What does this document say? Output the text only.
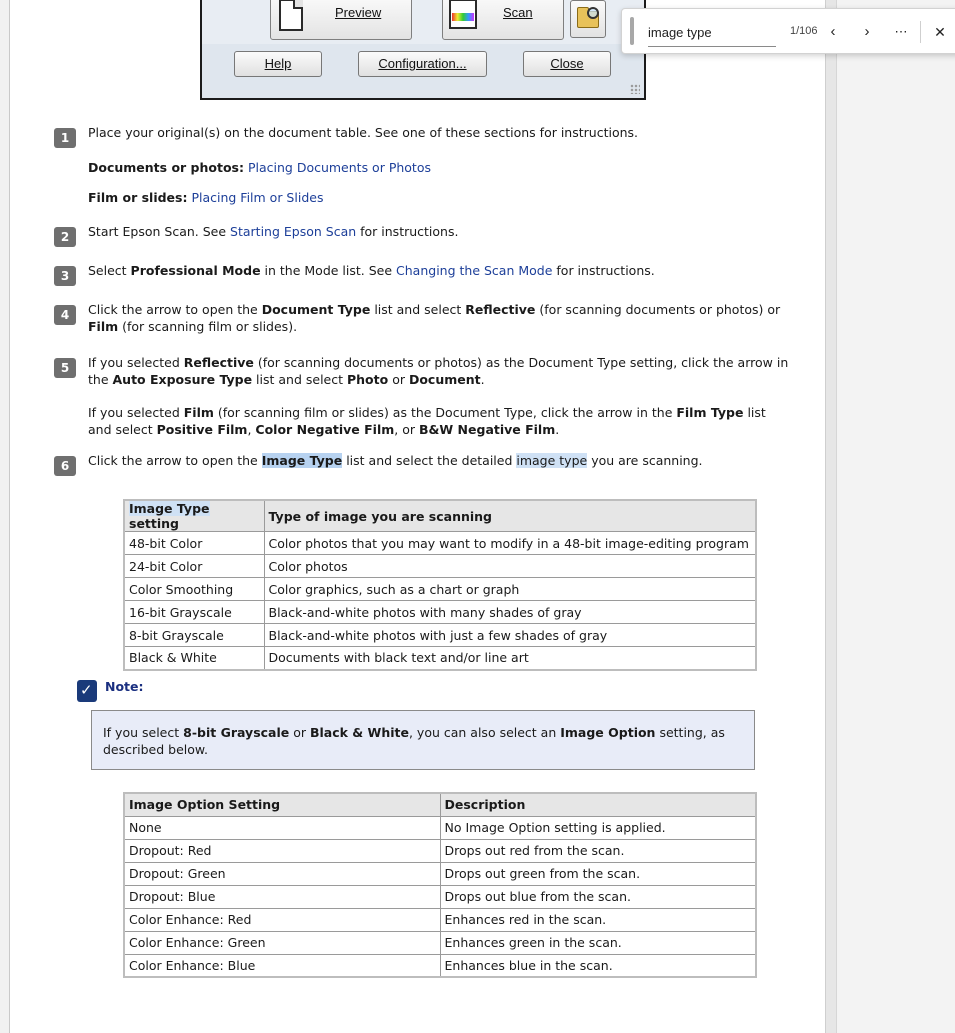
Preview	Scan
Help	Configuration...	Close
image type
1/106 ‹	›	⋯	✕
1	Place your original(s) on the document table. See one of these sections for instructions.
Documents or photos: Placing Documents or Photos
Film or slides: Placing Film or Slides
2	Start Epson Scan. See Starting Epson Scan for instructions.
3	Select Professional Mode in the Mode list. See Changing the Scan Mode for instructions.
4	Click the arrow to open the Document Type list and select Reflective (for scanning documents or photos) or Film (for scanning film or slides).
5	If you selected Reflective (for scanning documents or photos) as the Document Type setting, click the arrow in the Auto Exposure Type list and select Photo or Document.
If you selected Film (for scanning film or slides) as the Document Type, click the arrow in the Film Type list and select Positive Film, Color Negative Film, or B&W Negative Film.
6	Click the arrow to open the Image Type list and select the detailed image type you are scanning.
Image Type setting	Type of image you are scanning
48-bit Color	Color photos that you may want to modify in a 48-bit image-editing program
24-bit Color	Color photos
Color Smoothing	Color graphics, such as a chart or graph
16-bit Grayscale	Black-and-white photos with many shades of gray
8-bit Grayscale	Black-and-white photos with just a few shades of gray
Black & White	Documents with black text and/or line art
✓
Note:
If you select 8-bit Grayscale or Black & White, you can also select an Image Option setting, as described below.
Image Option Setting	Description
None	No Image Option setting is applied.
Dropout: Red	Drops out red from the scan.
Dropout: Green	Drops out green from the scan.
Dropout: Blue	Drops out blue from the scan.
Color Enhance: Red	Enhances red in the scan.
Color Enhance: Green	Enhances green in the scan.
Color Enhance: Blue	Enhances blue in the scan.
